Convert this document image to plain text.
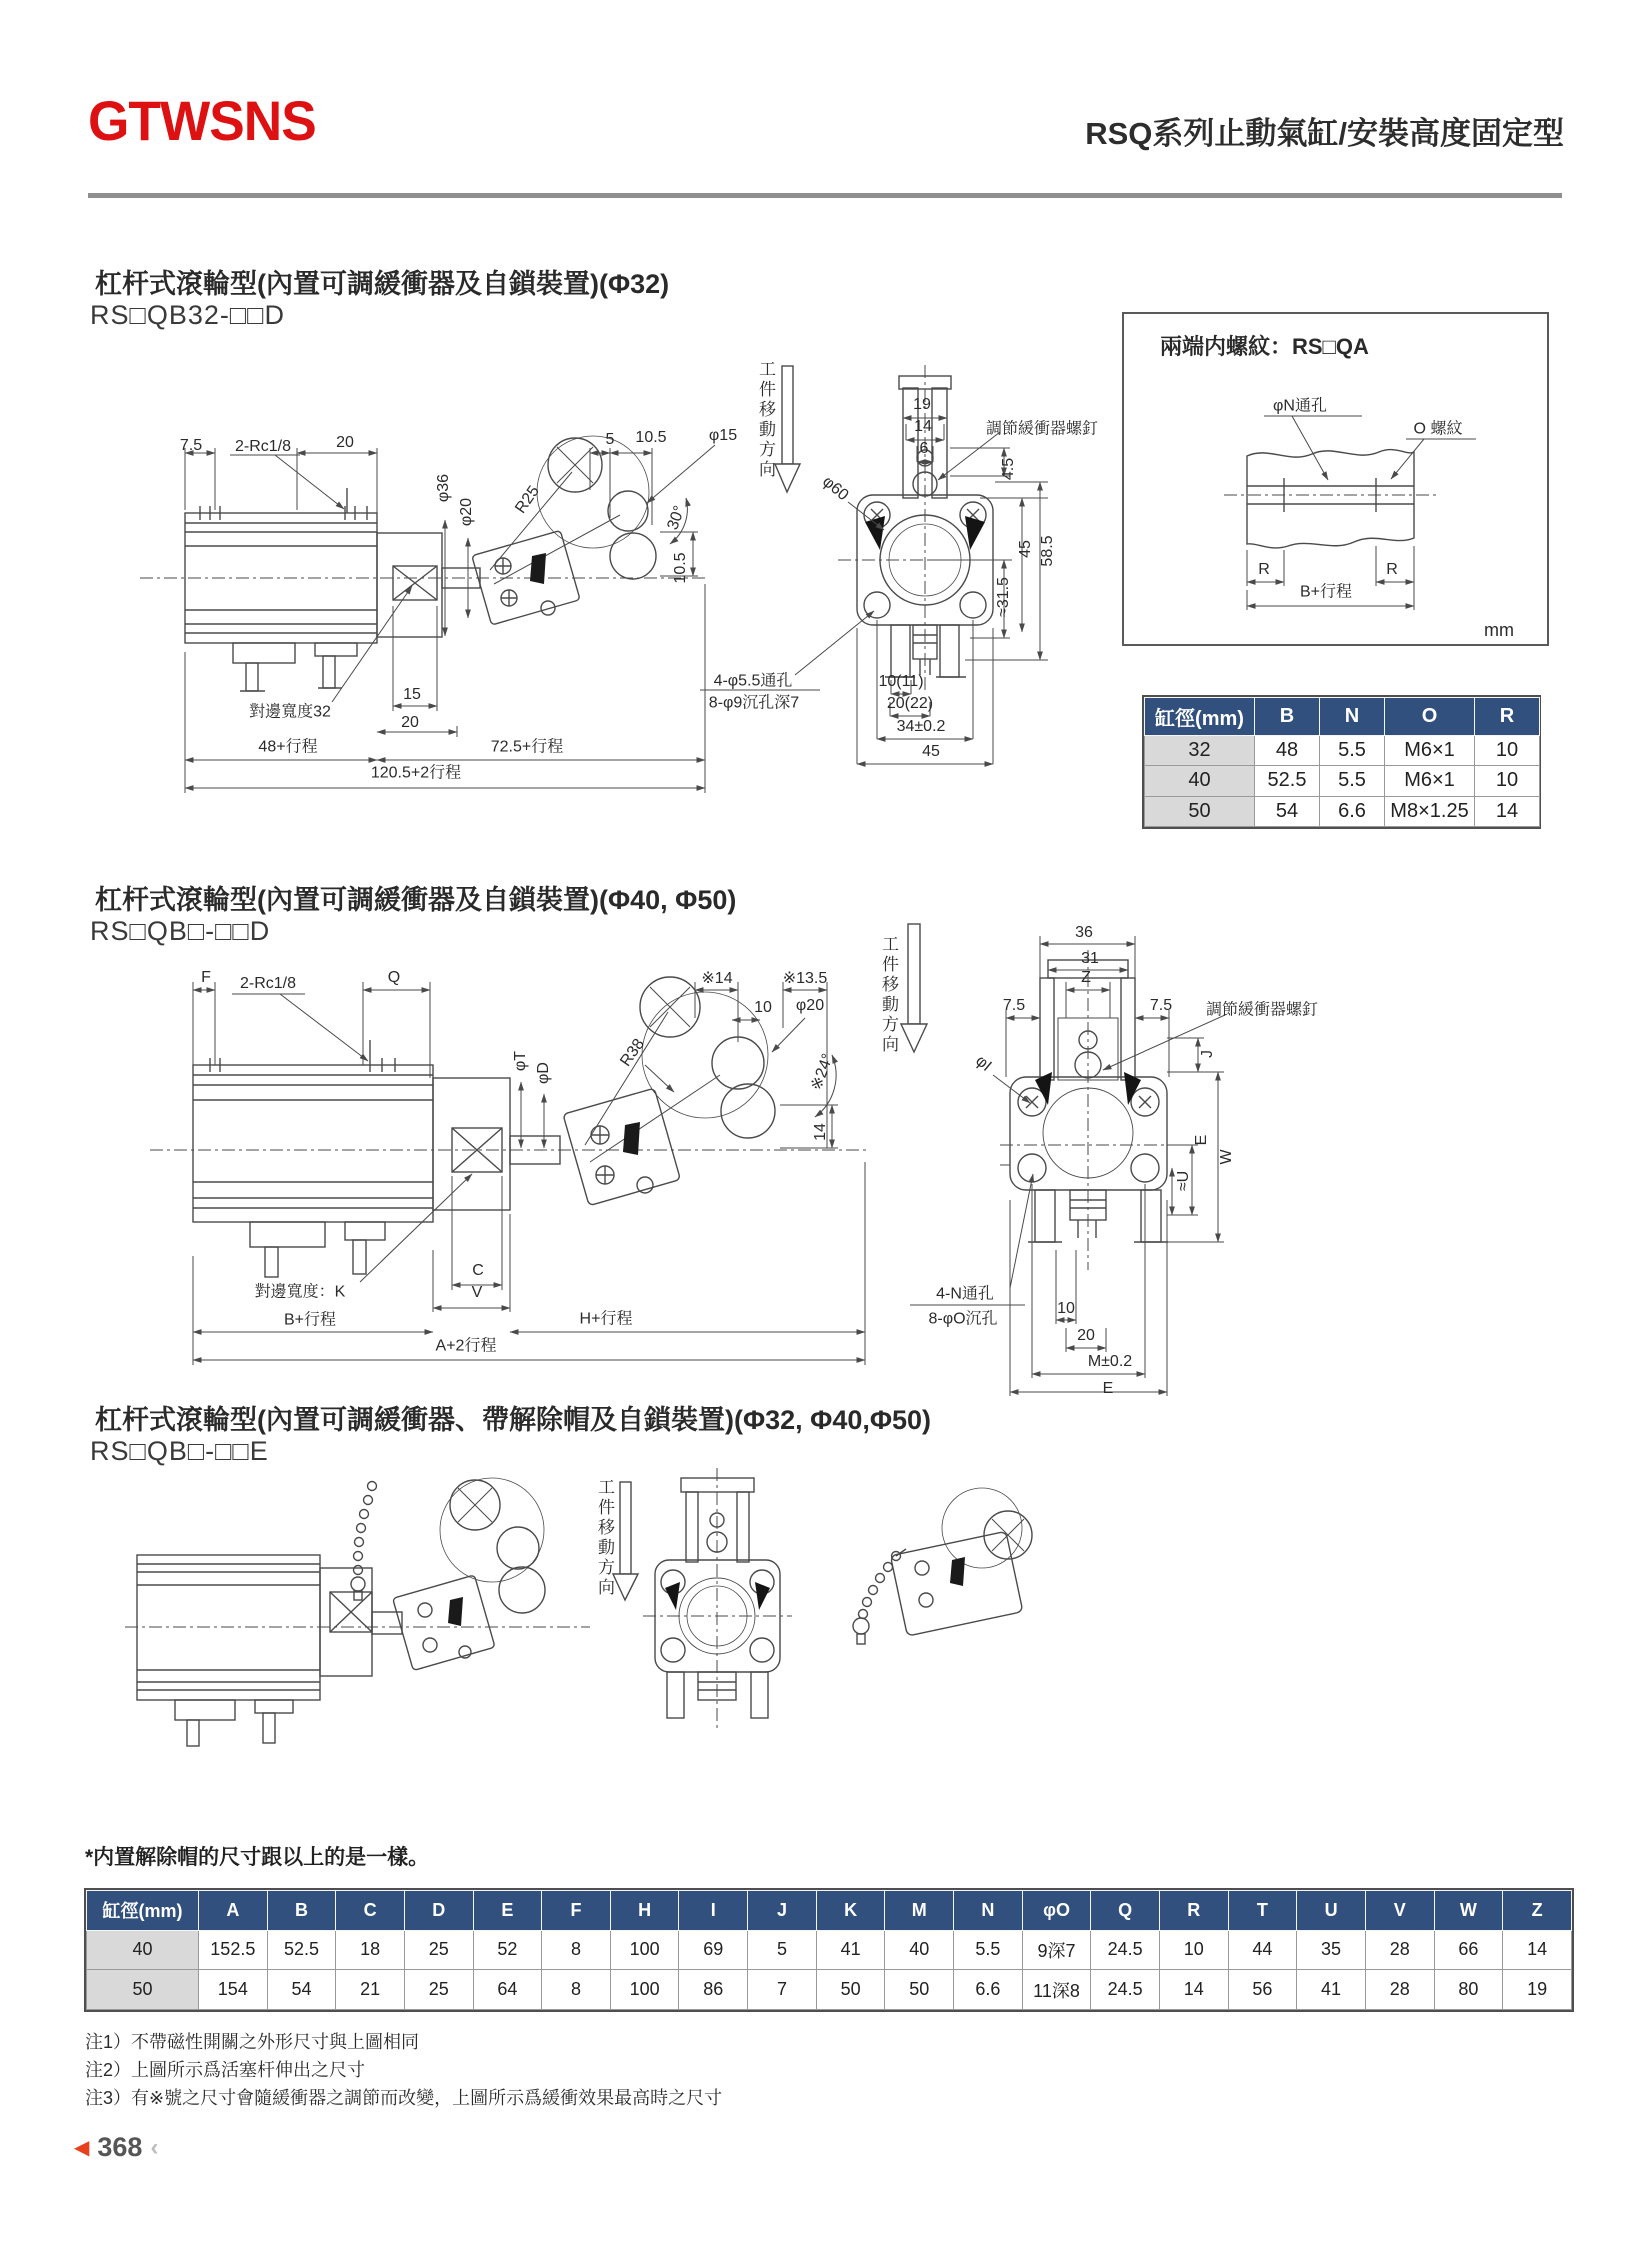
GTWSNS	RSQ系列止動氣缸/安裝高度固定型
杠杆式滾輪型(內置可調緩衝器及自鎖裝置)(Φ32)
RS□QB32-□□D
工件移動方向
7.5 2-Rc1/8	20
φ36
φ20 R25
5 10.5	φ15
30°
10.5
對邊寬度32
15
20
48+行程	72.5+行程
120.5+2行程
19
14
6
調節緩衝器螺釘
4.5
45 58.5
≈31.5
φ60
4-φ5.5通孔
8-φ9沉孔深7
10(11)
20(22)
34±0.2
45
兩端内螺紋：RS□QA
φN通孔
O 螺紋
R	R
B+行程
mm
缸徑(mm)	B	N	O	R
32	48	5.5	M6×1	10
40	52.5	5.5	M6×1	10
50	54	6.6	M8×1.25	14
杠杆式滾輪型(內置可調緩衝器及自鎖裝置)(Φ40, Φ50)
RS□QB□-□□D
工件移動方向
F 2-Rc1/8	Q
φT
φD
R38
※14	※13.5
10 φ20
※24°
14
對邊寬度：K
C
V
B+行程	H+行程
A+2行程
36
31
Z
7.5	7.5 調節緩衝器螺釘
φI	J
E
W
≈U
4-N通孔
8-φO沉孔
10
20
M±0.2
E
杠杆式滾輪型(內置可調緩衝器、帶解除帽及自鎖裝置)(Φ32, Φ40,Φ50)
RS□QB□-□□E
工件移動方向
*内置解除帽的尺寸跟以上的是一樣。
缸徑(mm)	A	B	C	D	E	F	H	I	J	K	M	N	φO	Q	R	T	U	V	W	Z
40	152.5	52.5	18	25	52	8	100	69	5	41	40	5.5	9深7	24.5	10	44	35	28	66	14
50	154	54	21	25	64	8	100	86	7	50	50	6.6	11深8	24.5	14	56	41	28	80	19
注1）不帶磁性開關之外形尺寸與上圖相同
注2）上圖所示爲活塞杆伸出之尺寸
注3）有※號之尺寸會隨緩衝器之調節而改變，上圖所示爲緩衝效果最高時之尺寸
◀ 368 ‹
